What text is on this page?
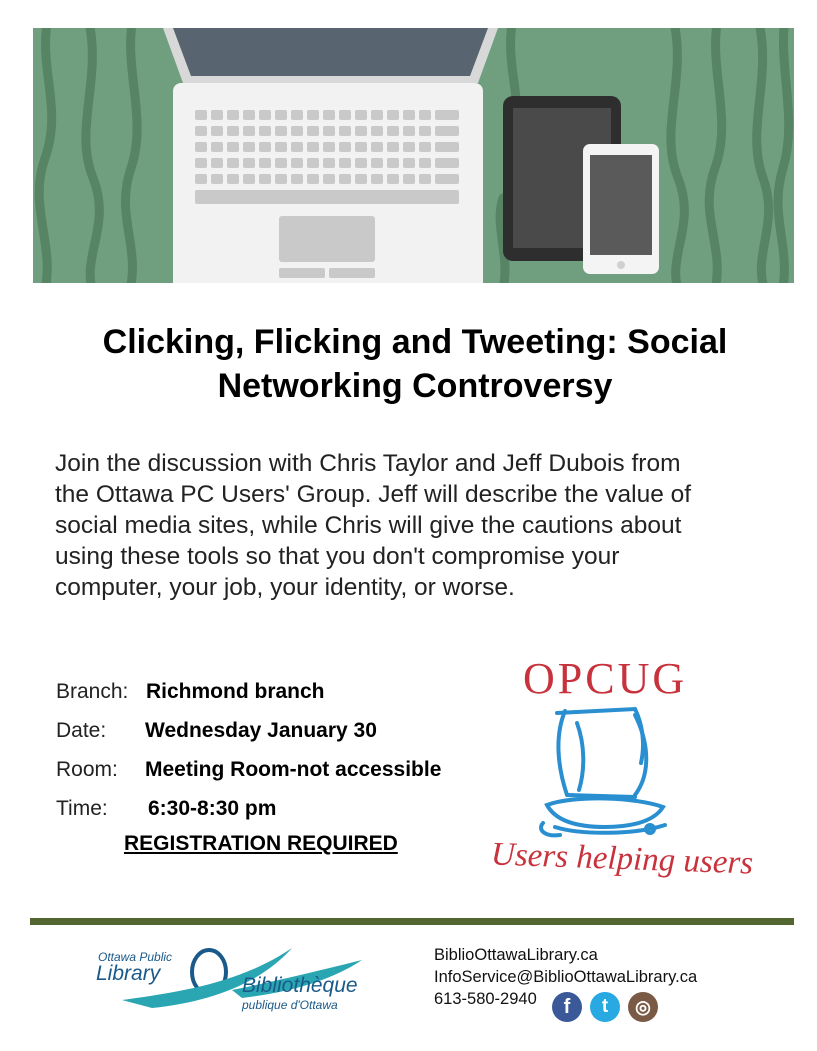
Clicking, Flicking and Tweeting: Social
Networking Controversy
Join the discussion with Chris Taylor and Jeff Dubois from
the Ottawa PC Users' Group. Jeff will describe the value of
social media sites, while Chris will give the cautions about
using these tools so that you don't compromise your
computer, your job, your identity, or worse.
Branch: Richmond branch
Date:	Wednesday January 30
Room:	Meeting Room-not accessible
Time:	6:30-8:30 pm
REGISTRATION REQUIRED
OPCUG
Users helping users
Ottawa Public
Library
Bibliothèque
publique d'Ottawa
BiblioOttawaLibrary.ca
InfoService@BiblioOttawaLibrary.ca
613-580-2940	f	t	◎
